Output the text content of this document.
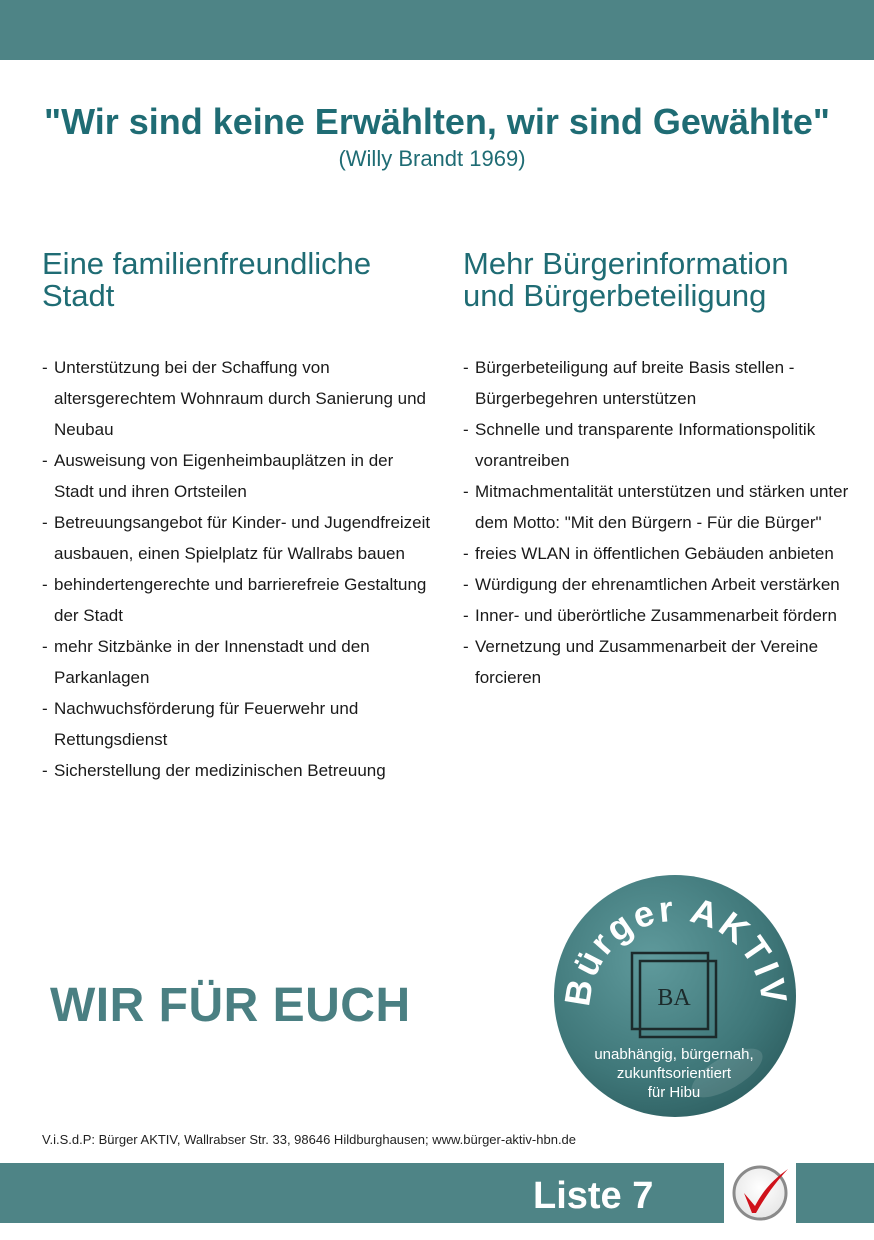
"Wir sind keine Erwählten, wir sind Gewählte"
(Willy Brandt 1969)
Eine familienfreundliche
Stadt
- Unterstützung bei der Schaffung von altersgerechtem Wohnraum durch Sanierung und Neubau
- Ausweisung von Eigenheimbauplätzen in der Stadt und ihren Ortsteilen
- Betreuungsangebot für Kinder- und Jugendfreizeit ausbauen, einen Spielplatz für Wallrabs bauen
- behindertengerechte und barrierefreie Gestaltung der Stadt
- mehr Sitzbänke in der Innenstadt und den Parkanlagen
- Nachwuchsförderung für Feuerwehr und Rettungsdienst
- Sicherstellung der medizinischen Betreuung
Mehr Bürgerinformation
und Bürgerbeteiligung
- Bürgerbeteiligung auf breite Basis stellen - Bürgerbegehren unterstützen
- Schnelle und transparente Informationspolitik vorantreiben
- Mitmachmentalität unterstützen und stärken unter dem Motto: "Mit den Bürgern - Für die Bürger"
- freies WLAN in öffentlichen Gebäuden anbieten
- Würdigung der ehrenamtlichen Arbeit verstärken
- Inner- und überörtliche Zusammenarbeit fördern
- Vernetzung und Zusammenarbeit der Vereine forcieren
WIR FÜR EUCH	Bürger AKTIV
BA
unabhängig, bürgernah,
zukunftsorientiert
für Hibu
V.i.S.d.P: Bürger AKTIV, Wallrabser Str. 33, 98646 Hildburghausen; www.bürger-aktiv-hbn.de
Liste 7
